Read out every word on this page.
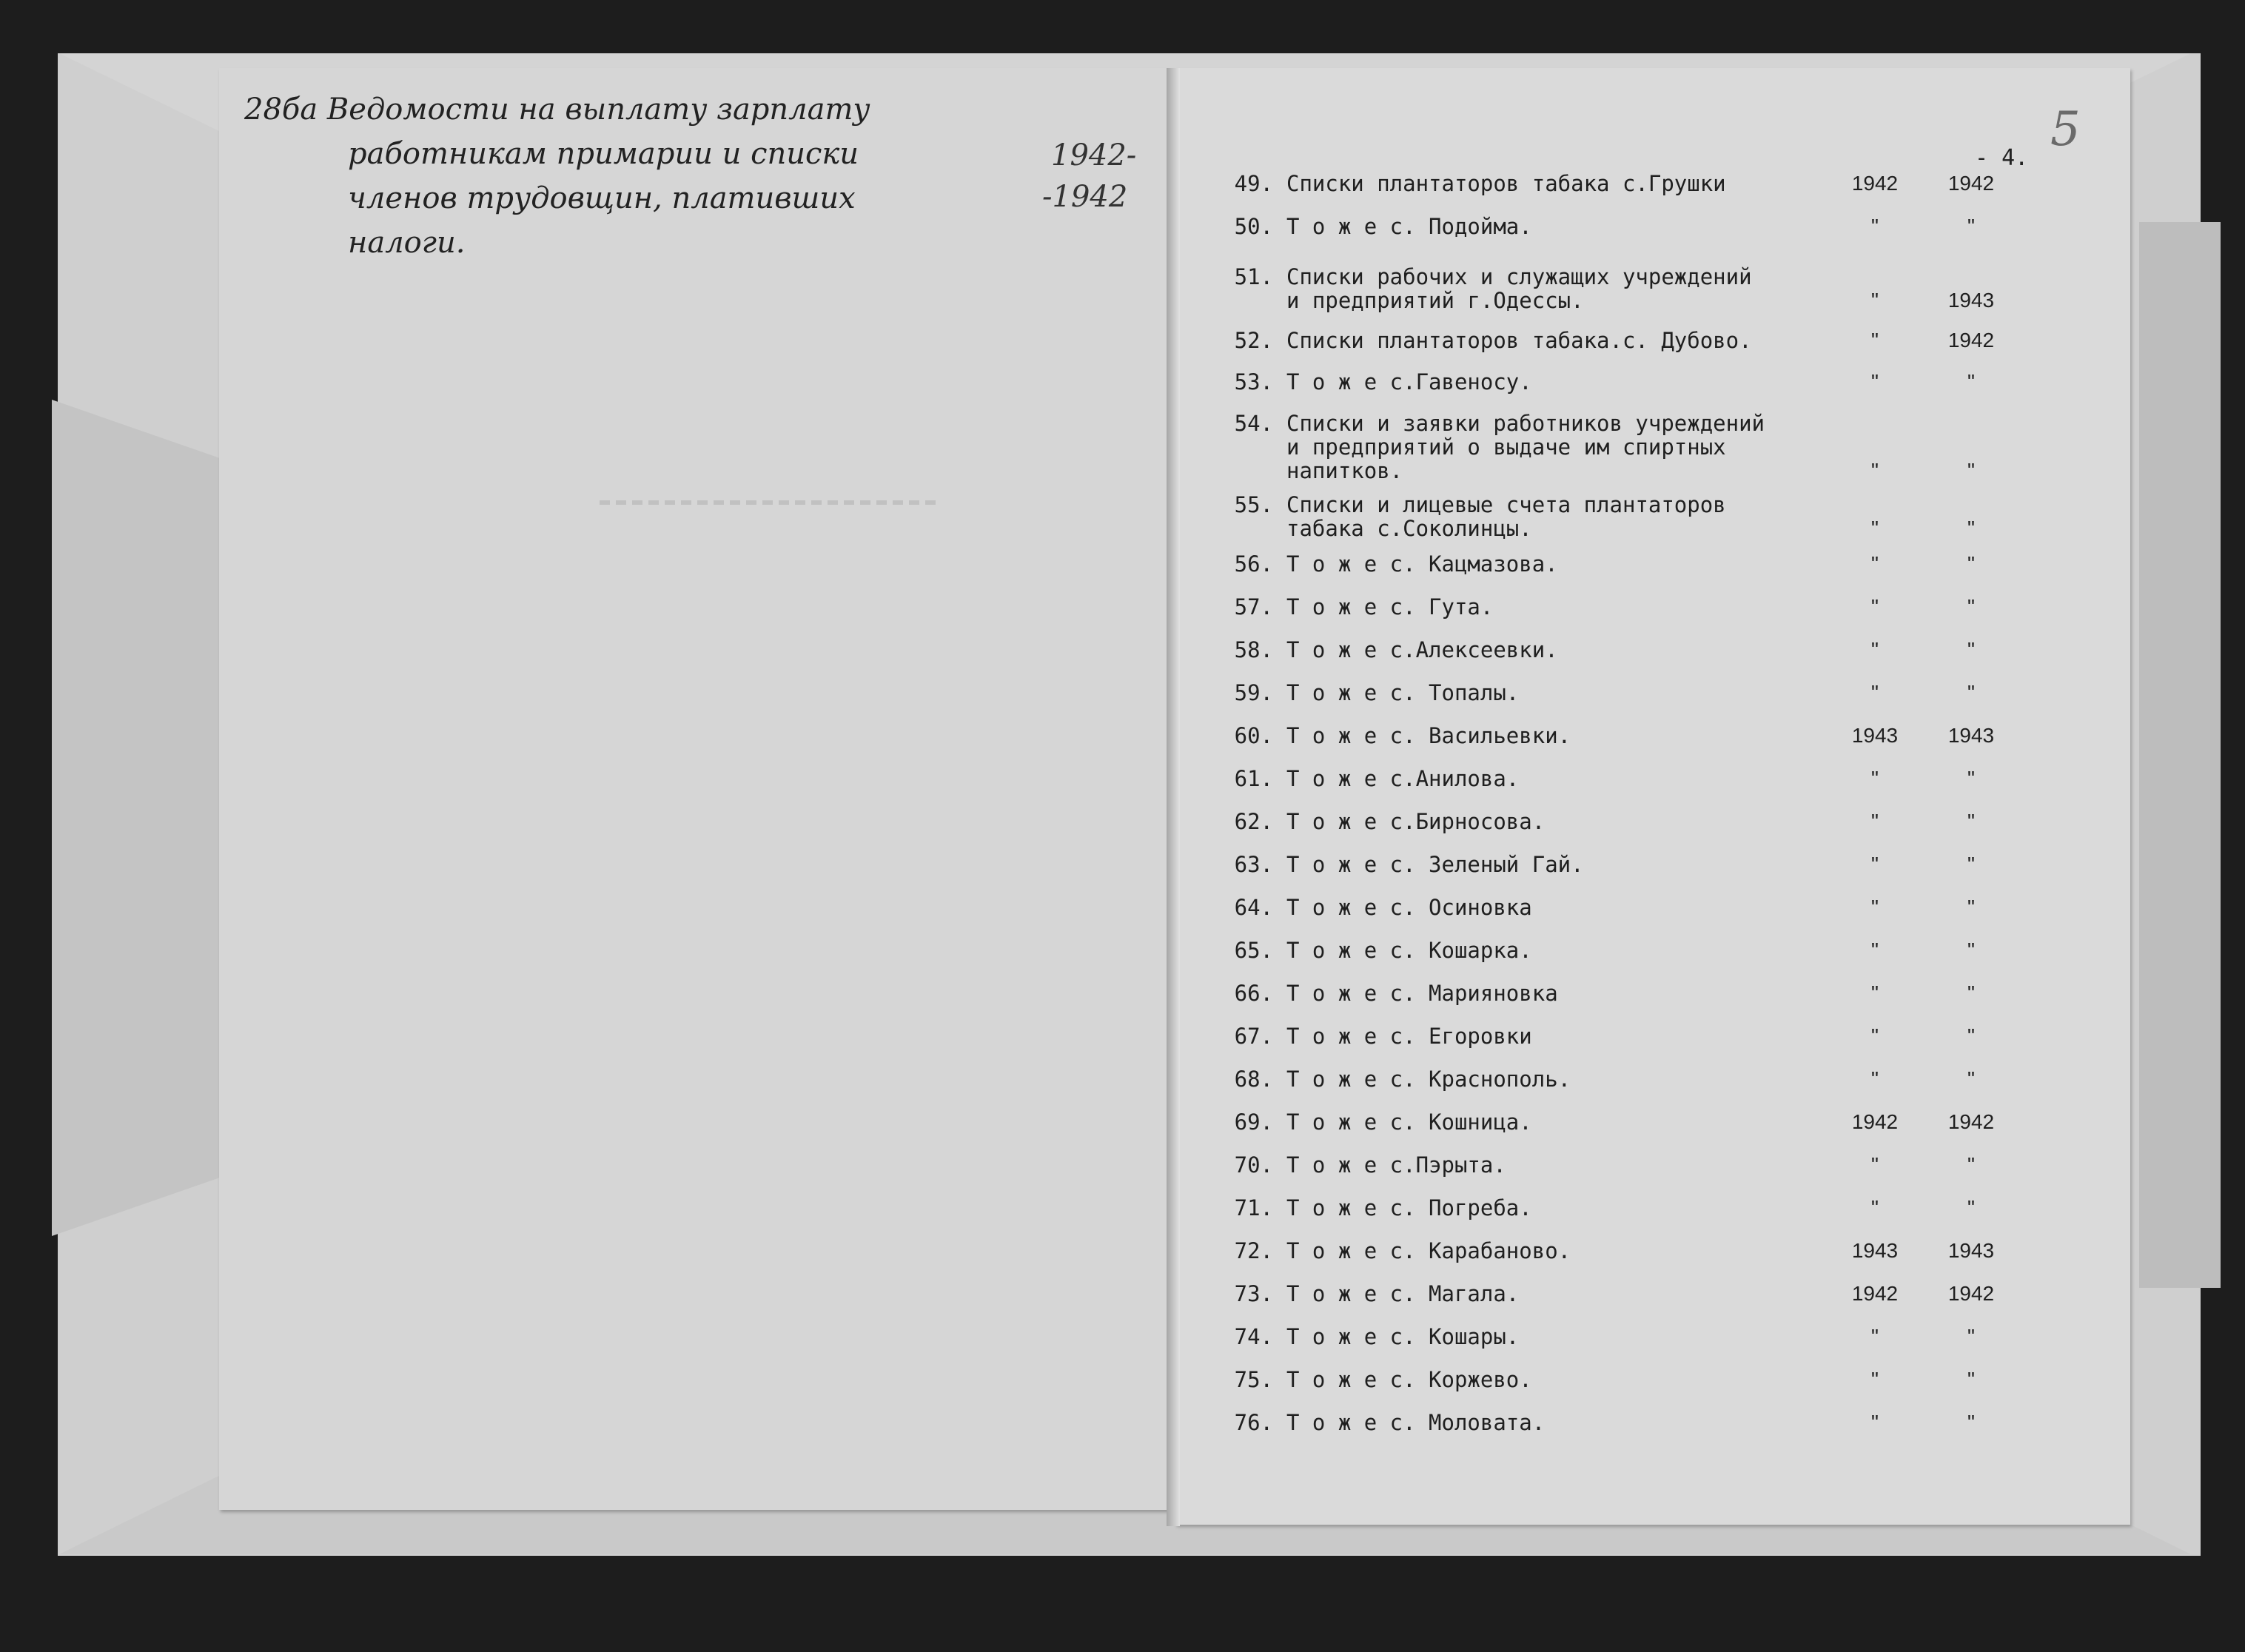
28ба Ведомости на выплату зарплату
работникам примарии и списки
членов трудовщин, плативших
налоги.
1942-
-1942
5
- 4.
49. Списки плантаторов табака с.Грушки	1942	1942
50. Т о ж е с. Подойма.	"	"
51. Списки рабочих и служащих учреждений
и предприятий г.Одессы.	"	1943
52. Списки плантаторов табака.с. Дубово.	"	1942
53. Т о ж е с.Гавеносу.	"	"
54. Списки и заявки работников учреждений
и предприятий о выдаче им спиртных
напитков.	"	"
55. Списки и лицевые счета плантаторов
табака с.Соколинцы.	"	"
56. Т о ж е с. Кацмазова.	"	"
57. Т о ж е с. Гута.	"	"
58. Т о ж е с.Алексеевки.	"	"
59. Т о ж е с. Топалы.	"	"
60. Т о ж е с. Васильевки.	1943	1943
61. Т о ж е с.Анилова.	"	"
62. Т о ж е с.Бирносова.	"	"
63. Т о ж е с. Зеленый Гай.	"	"
64. Т о ж е с. Осиновка	"	"
65. Т о ж е с. Кошарка.	"	"
66. Т о ж е с. Марияновка	"	"
67. Т о ж е с. Егоровки	"	"
68. Т о ж е с. Краснополь.	"	"
69. Т о ж е с. Кошница.	1942	1942
70. Т о ж е с.Пэрыта.	"	"
71. Т о ж е с. Погреба.	"	"
72. Т о ж е с. Карабаново.	1943	1943
73. Т о ж е с. Магала.	1942	1942
74. Т о ж е с. Кошары.	"	"
75. Т о ж е с. Коржево.	"	"
76. Т о ж е с. Моловата.	"	"
